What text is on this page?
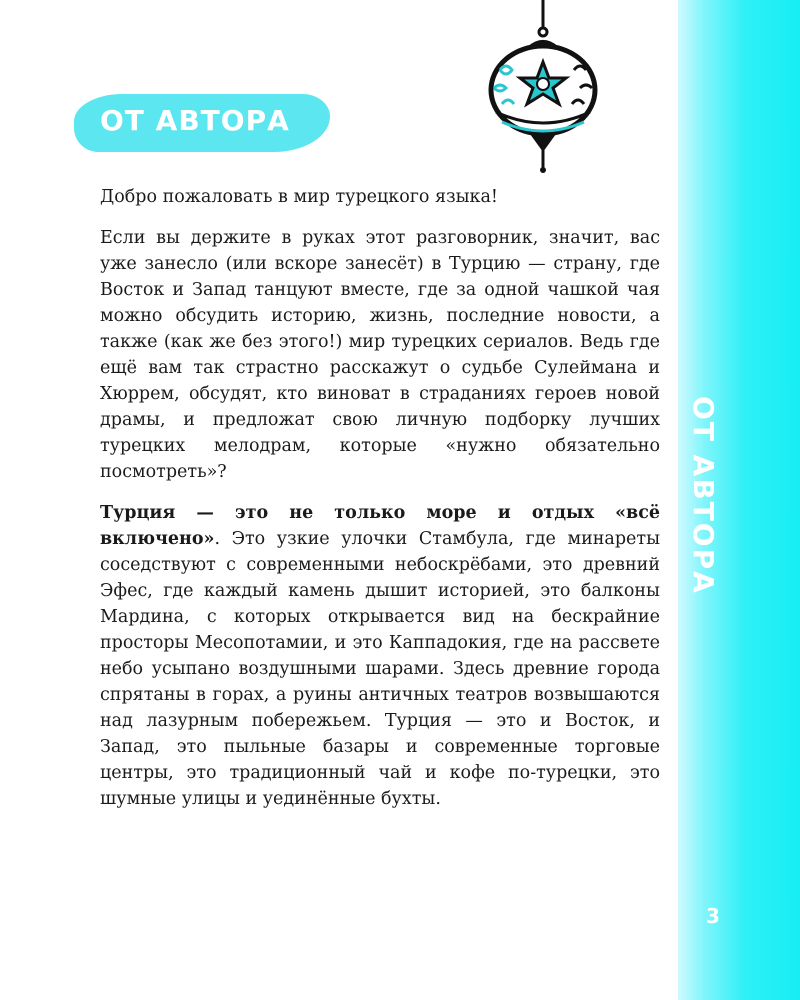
ОТ АВТОРА
3
ОТ АВТОРА

Добро пожаловать в мир турецкого языка!

Если вы держите в руках этот разговорник, значит, вас уже занесло (или вскоре занесёт) в Турцию — страну, где Восток и Запад танцуют вместе, где за одной чашкой чая можно обсудить историю, жизнь, последние новости, а также (как же без этого!) мир турецких сериалов. Ведь где ещё вам так страстно расскажут о судьбе Сулеймана и Хюррем, обсудят, кто виноват в страданиях героев новой драмы, и предложат свою личную подборку лучших турецких мелодрам, которые «нужно обязательно посмотреть»?

Турция — это не только море и отдых «всё включено». Это узкие улочки Стамбула, где минареты соседствуют с современными небоскрёбами, это древний Эфес, где каждый камень дышит историей, это балконы Мардина, с которых открывается вид на бескрайние просторы Месопотамии, и это Каппадокия, где на рассвете небо усыпано воздушными шарами. Здесь древние города спрятаны в горах, а руины античных театров возвышаются над лазурным побережьем. Турция — это и Восток, и Запад, это пыльные базары и современные торговые центры, это традиционный чай и кофе по-турецки, это шумные улицы и уединённые бухты.
